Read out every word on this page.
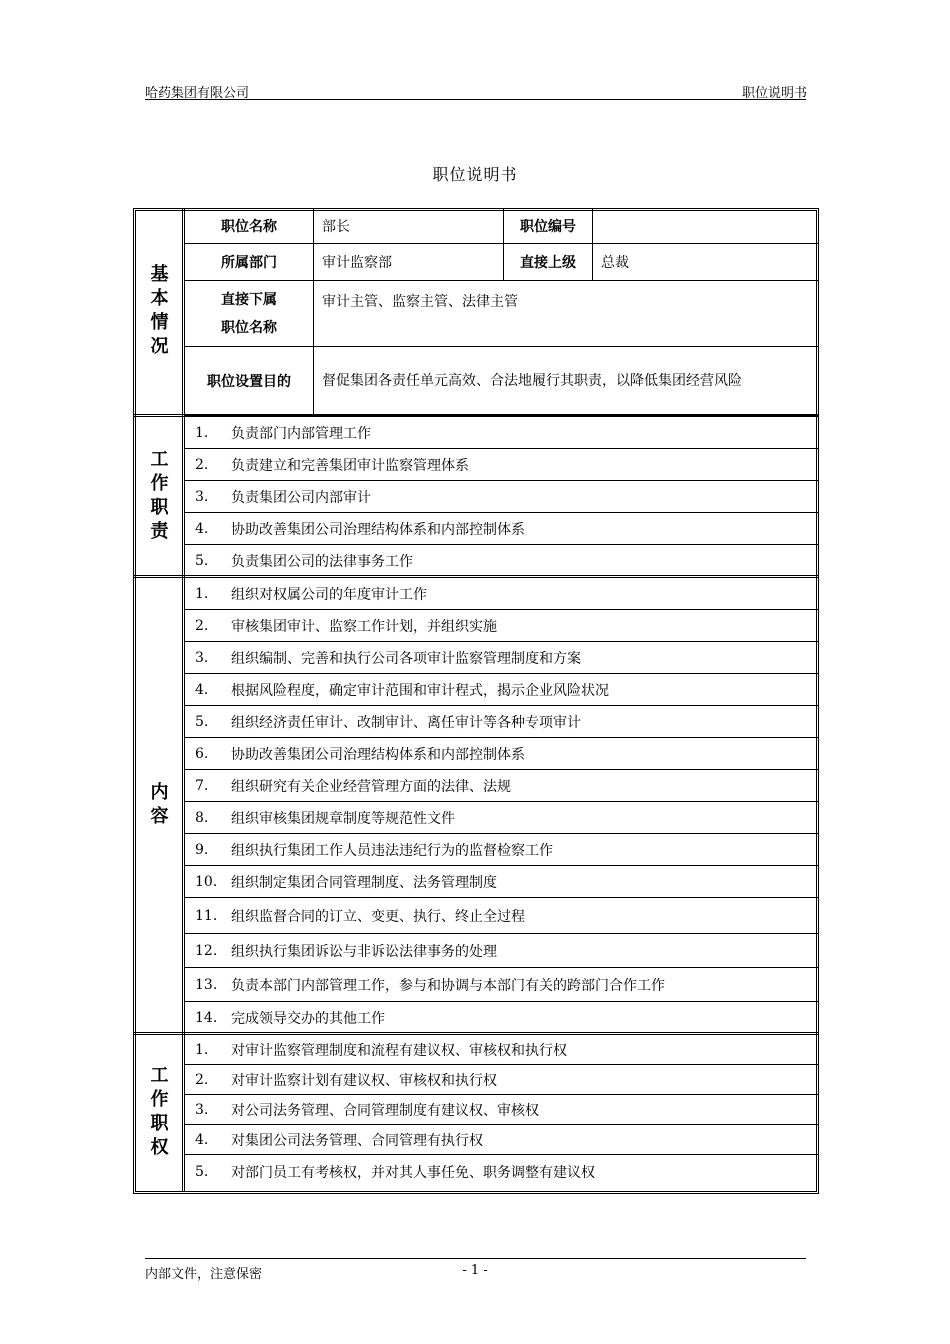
哈药集团有限公司	职位说明书
职位说明书
基本情况
职位名称	部长	职位编号
所属部门	审计监察部	直接上级	总裁
直接下属
职位名称
审计主管、监察主管、法律主管
职位设置目的	督促集团各责任单元高效、合法地履行其职责，以降低集团经营风险
工作职责
1.	负责部门内部管理工作
2.	负责建立和完善集团审计监察管理体系
3.	负责集团公司内部审计
4.	协助改善集团公司治理结构体系和内部控制体系
5.	负责集团公司的法律事务工作
内容
1.	组织对权属公司的年度审计工作
2.	审核集团审计、监察工作计划，并组织实施
3.	组织编制、完善和执行公司各项审计监察管理制度和方案
4.	根据风险程度，确定审计范围和审计程式，揭示企业风险状况
5.	组织经济责任审计、改制审计、离任审计等各种专项审计
6.	协助改善集团公司治理结构体系和内部控制体系
7.	组织研究有关企业经营管理方面的法律、法规
8.	组织审核集团规章制度等规范性文件
9.	组织执行集团工作人员违法违纪行为的监督检察工作
10. 组织制定集团合同管理制度、法务管理制度
11. 组织监督合同的订立、变更、执行、终止全过程
12. 组织执行集团诉讼与非诉讼法律事务的处理
13. 负责本部门内部管理工作，参与和协调与本部门有关的跨部门合作工作
14. 完成领导交办的其他工作
工作职权
1.	对审计监察管理制度和流程有建议权、审核权和执行权
2.	对审计监察计划有建议权、审核权和执行权
3.	对公司法务管理、合同管理制度有建议权、审核权
4.	对集团公司法务管理、合同管理有执行权
5.	对部门员工有考核权，并对其人事任免、职务调整有建议权
内部文件，注意保密	- 1 -
